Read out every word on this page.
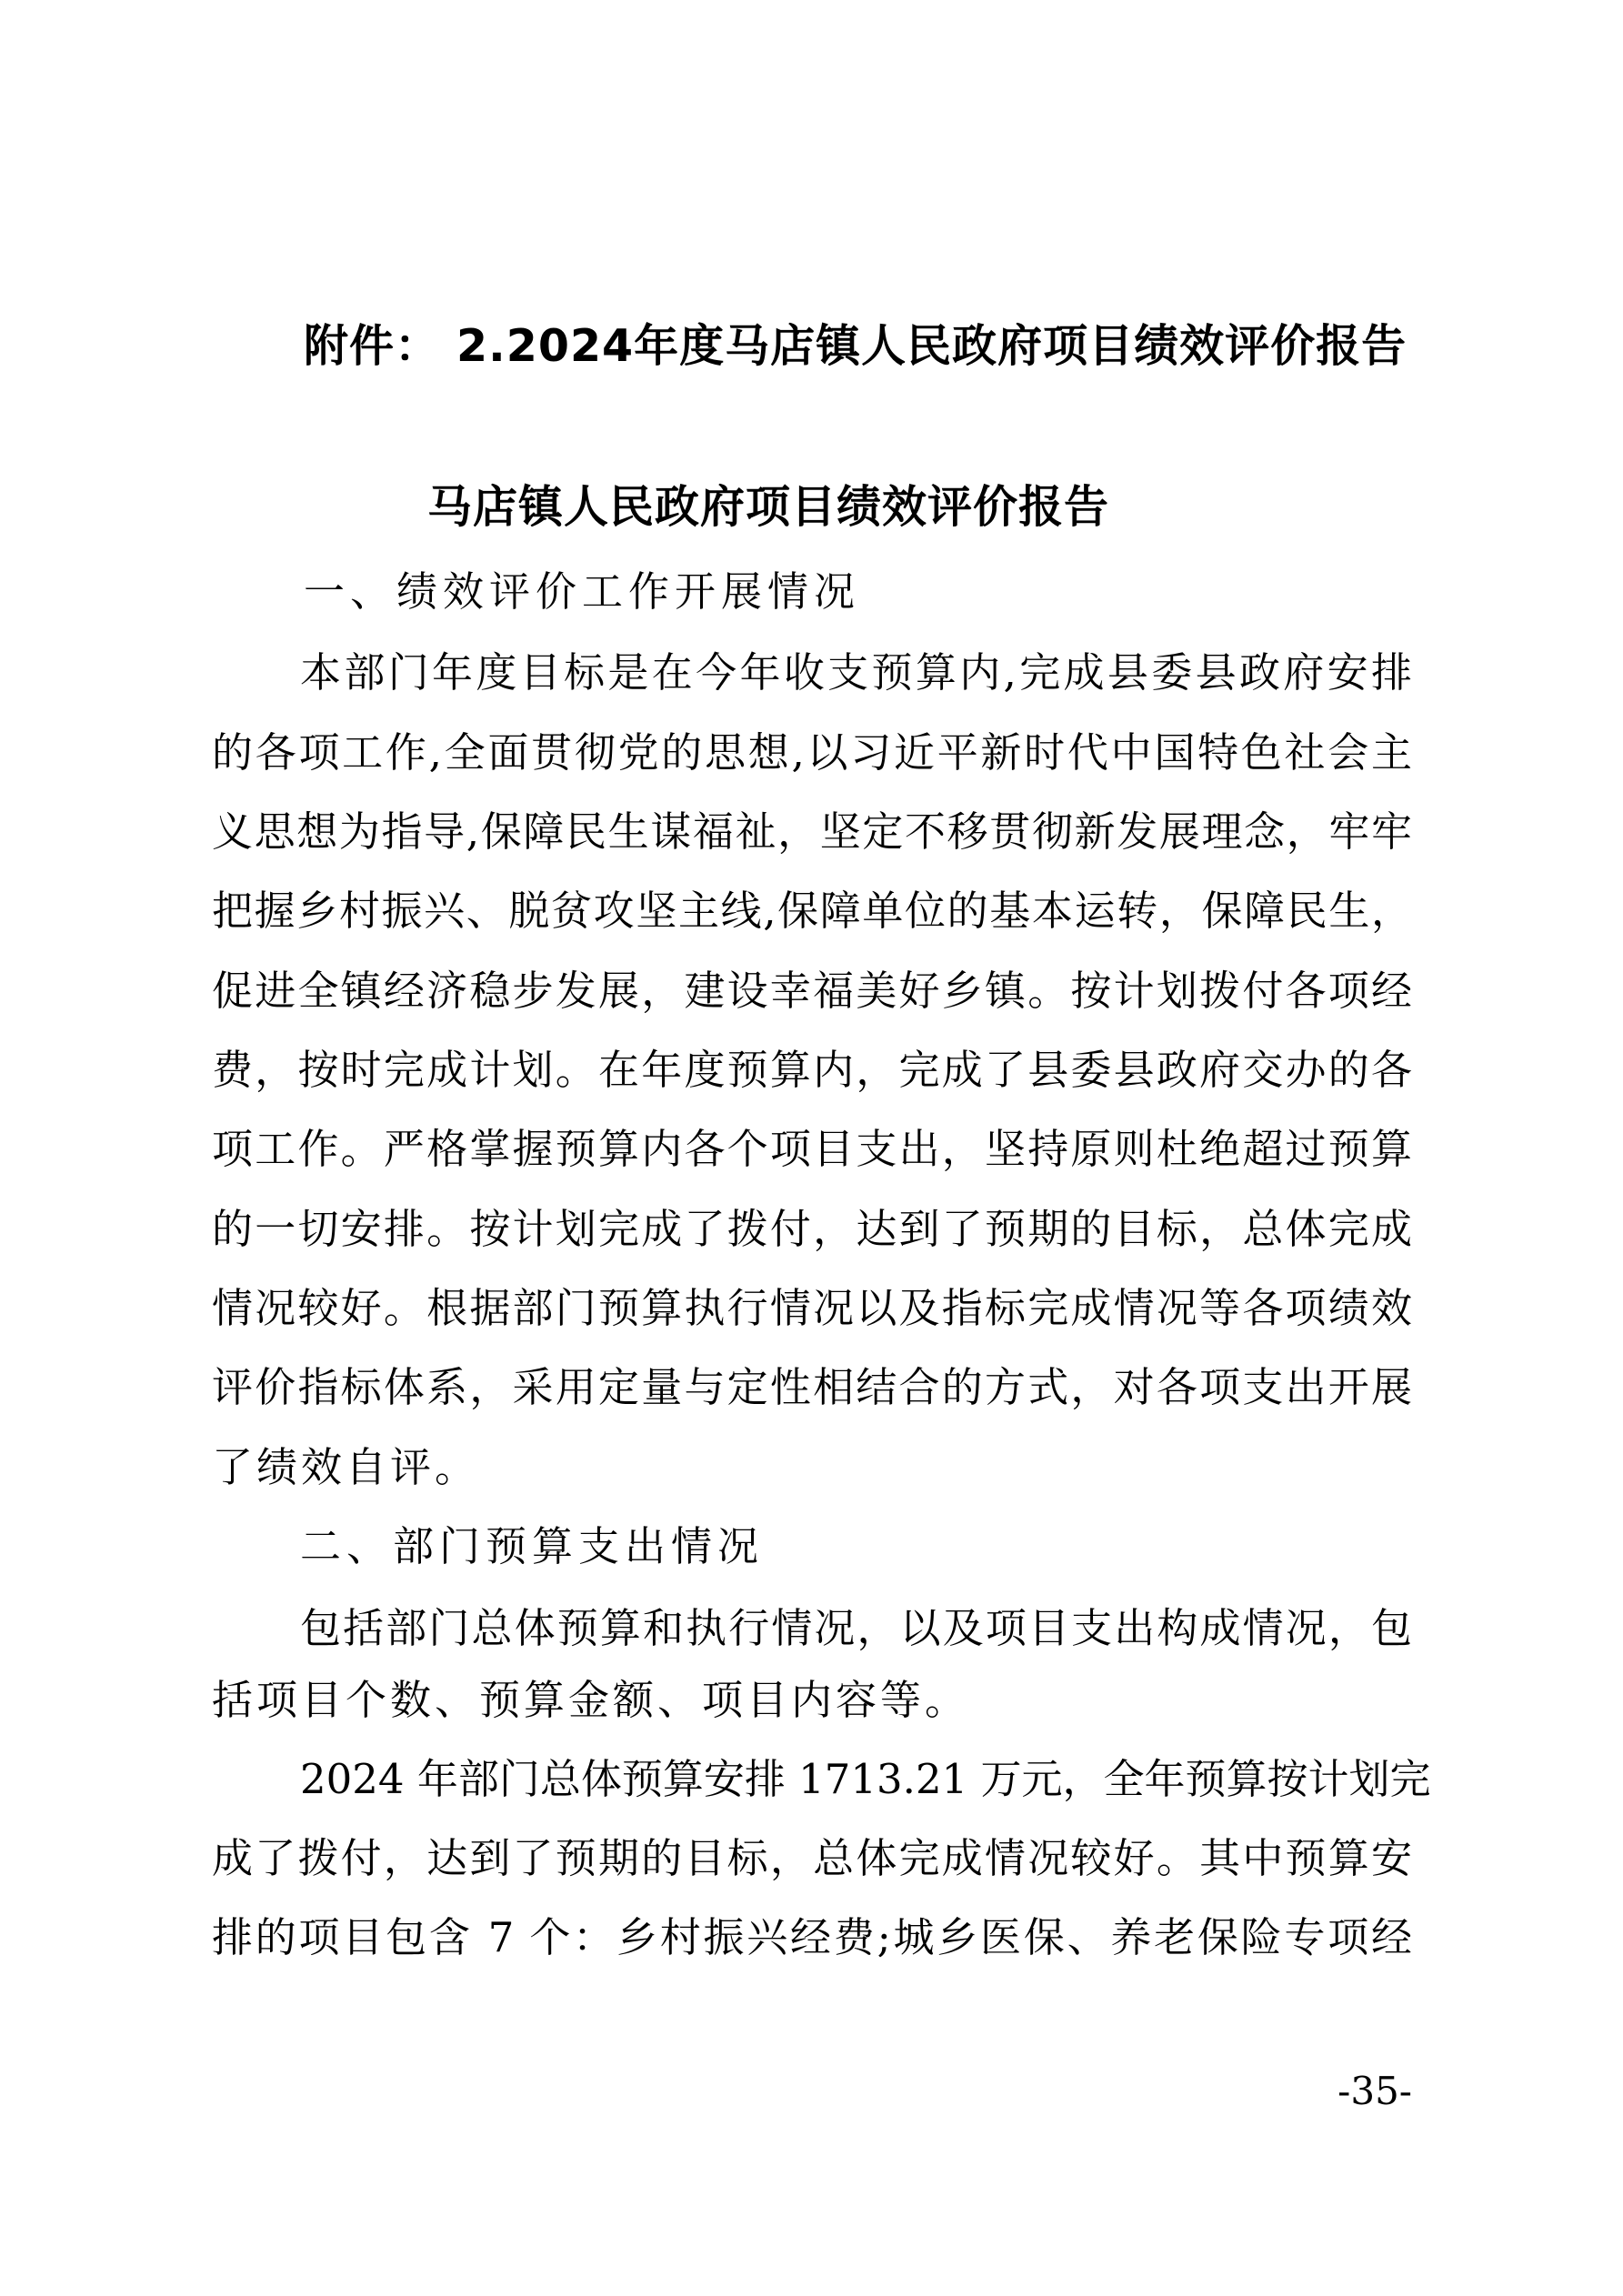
附件： 2.2024年度马店镇人民政府项目绩效评价报告
马店镇人民政府项目绩效评价报告
一、绩效评价工作开展情况
本部门年度目标是在今年收支预算内,完成县委县政府安排
的各项工作,全面贯彻党的思想,以习近平新时代中国特色社会主
义思想为指导,保障民生谋福祉，坚定不移贯彻新发展理念，牢牢
把握乡村振兴、脱贫攻坚主线,保障单位的基本运转，保障民生，
促进全镇经济稳步发展，建设幸福美好乡镇。按计划拨付各项经
费，按时完成计划。在年度预算内，完成了县委县政府交办的各
项工作。严格掌握预算内各个项目支出，坚持原则杜绝超过预算
的一切安排。按计划完成了拨付，达到了预期的目标，总体完成
情况较好。根据部门预算执行情况以及指标完成情况等各项绩效
评价指标体系，采用定量与定性相结合的方式，对各项支出开展
了绩效自评。
二、部门预算支出情况
包括部门总体预算和执行情况，以及项目支出构成情况，包
括项目个数、预算金额、项目内容等。
2024 年部门总体预算安排 1713.21 万元，全年预算按计划完
成了拨付，达到了预期的目标，总体完成情况较好。其中预算安
排的项目包含 7 个：乡村振兴经费;城乡医保、养老保险专项经
-35-
